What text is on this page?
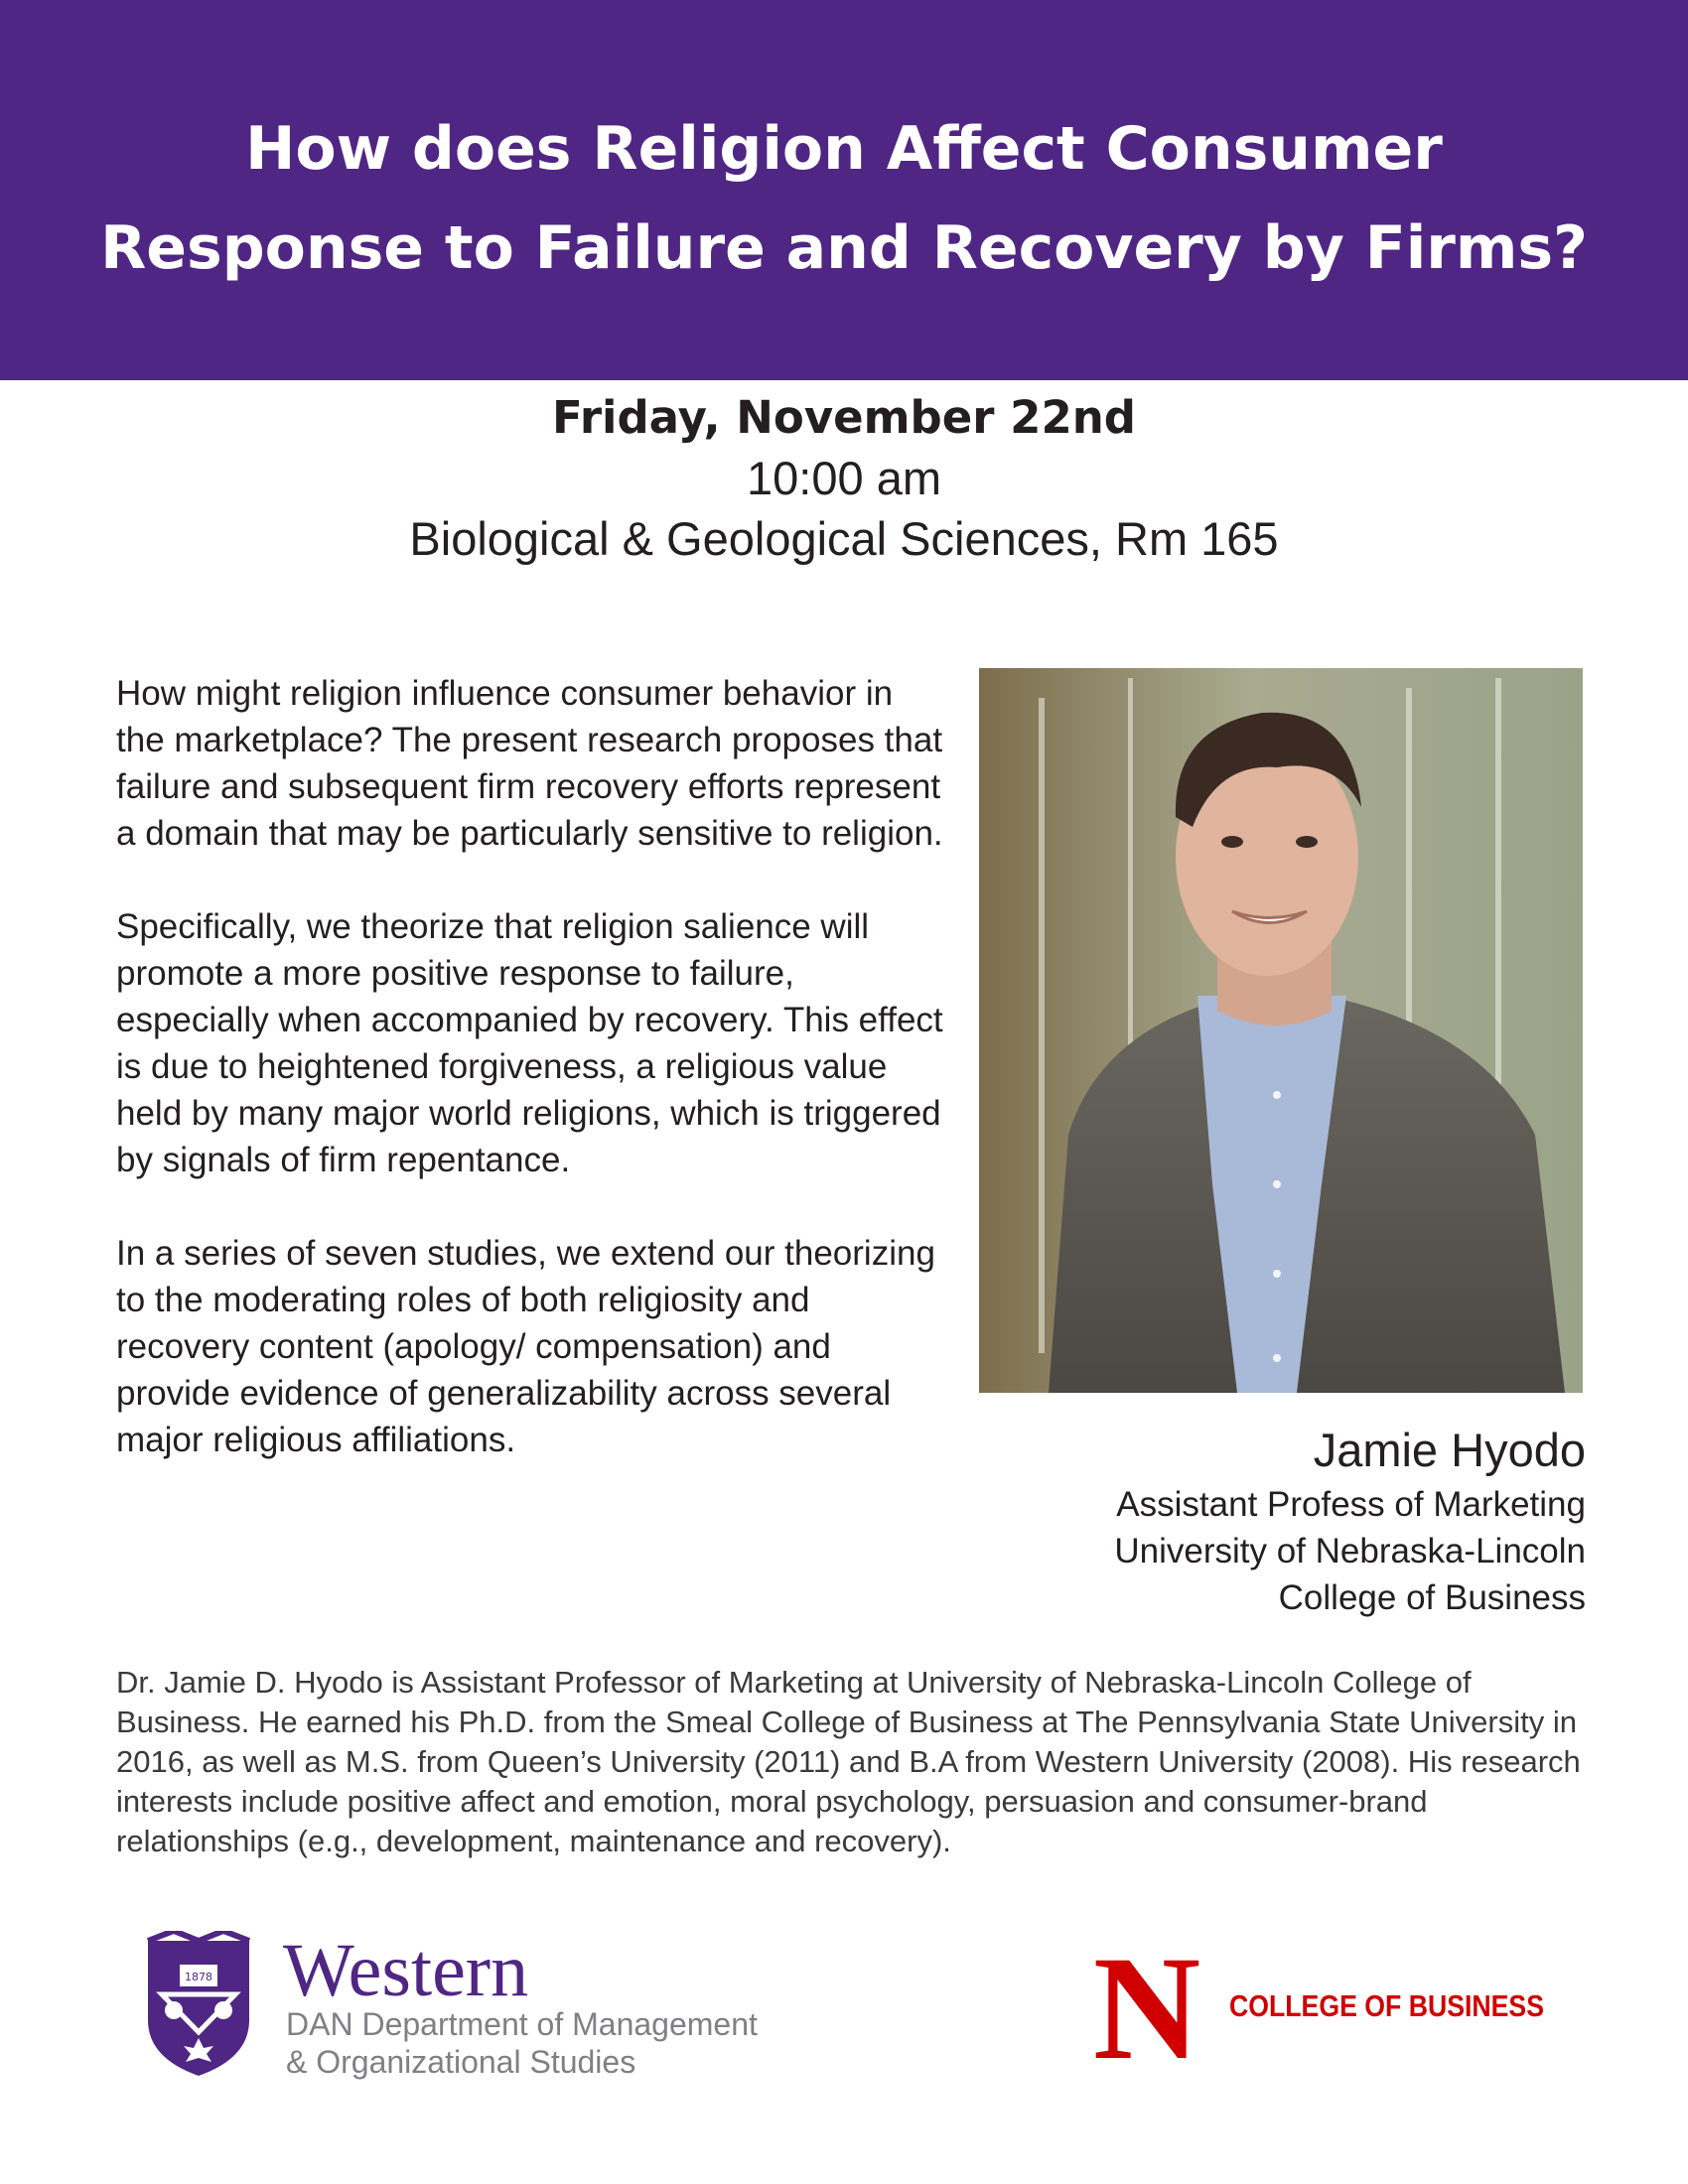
How does Religion Affect Consumer
Response to Failure and Recovery by Firms?
Friday, November 22nd
10:00 am
Biological & Geological Sciences, Rm 165

How might religion influence consumer behavior in the marketplace? The present research proposes that failure and subsequent firm recovery efforts represent a domain that may be particularly sensitive to religion.

Specifically, we theorize that religion salience will promote a more positive response to failure, especially when accompanied by recovery. This effect is due to heightened forgiveness, a religious value held by many major world religions, which is triggered by signals of firm repentance.

In a series of seven studies, we extend our theorizing to the moderating roles of both religiosity and recovery content (apology/ compensation) and provide evidence of generalizability across several major religious affiliations.	Jamie Hyodo
Assistant Profess of Marketing
University of Nebraska-Lincoln
College of Business
Dr. Jamie D. Hyodo is Assistant Professor of Marketing at University of Nebraska-Lincoln College of Business. He earned his Ph.D. from the Smeal College of Business at The Pennsylvania State University in 2016, as well as M.S. from Queen’s University (2011) and B.A from Western University (2008). His research interests include positive affect and emotion, moral psychology, persuasion and consumer-brand relationships (e.g., development, maintenance and recovery).
1878 Western
DAN Department of Management
& Organizational Studies	N COLLEGE OF BUSINESS
